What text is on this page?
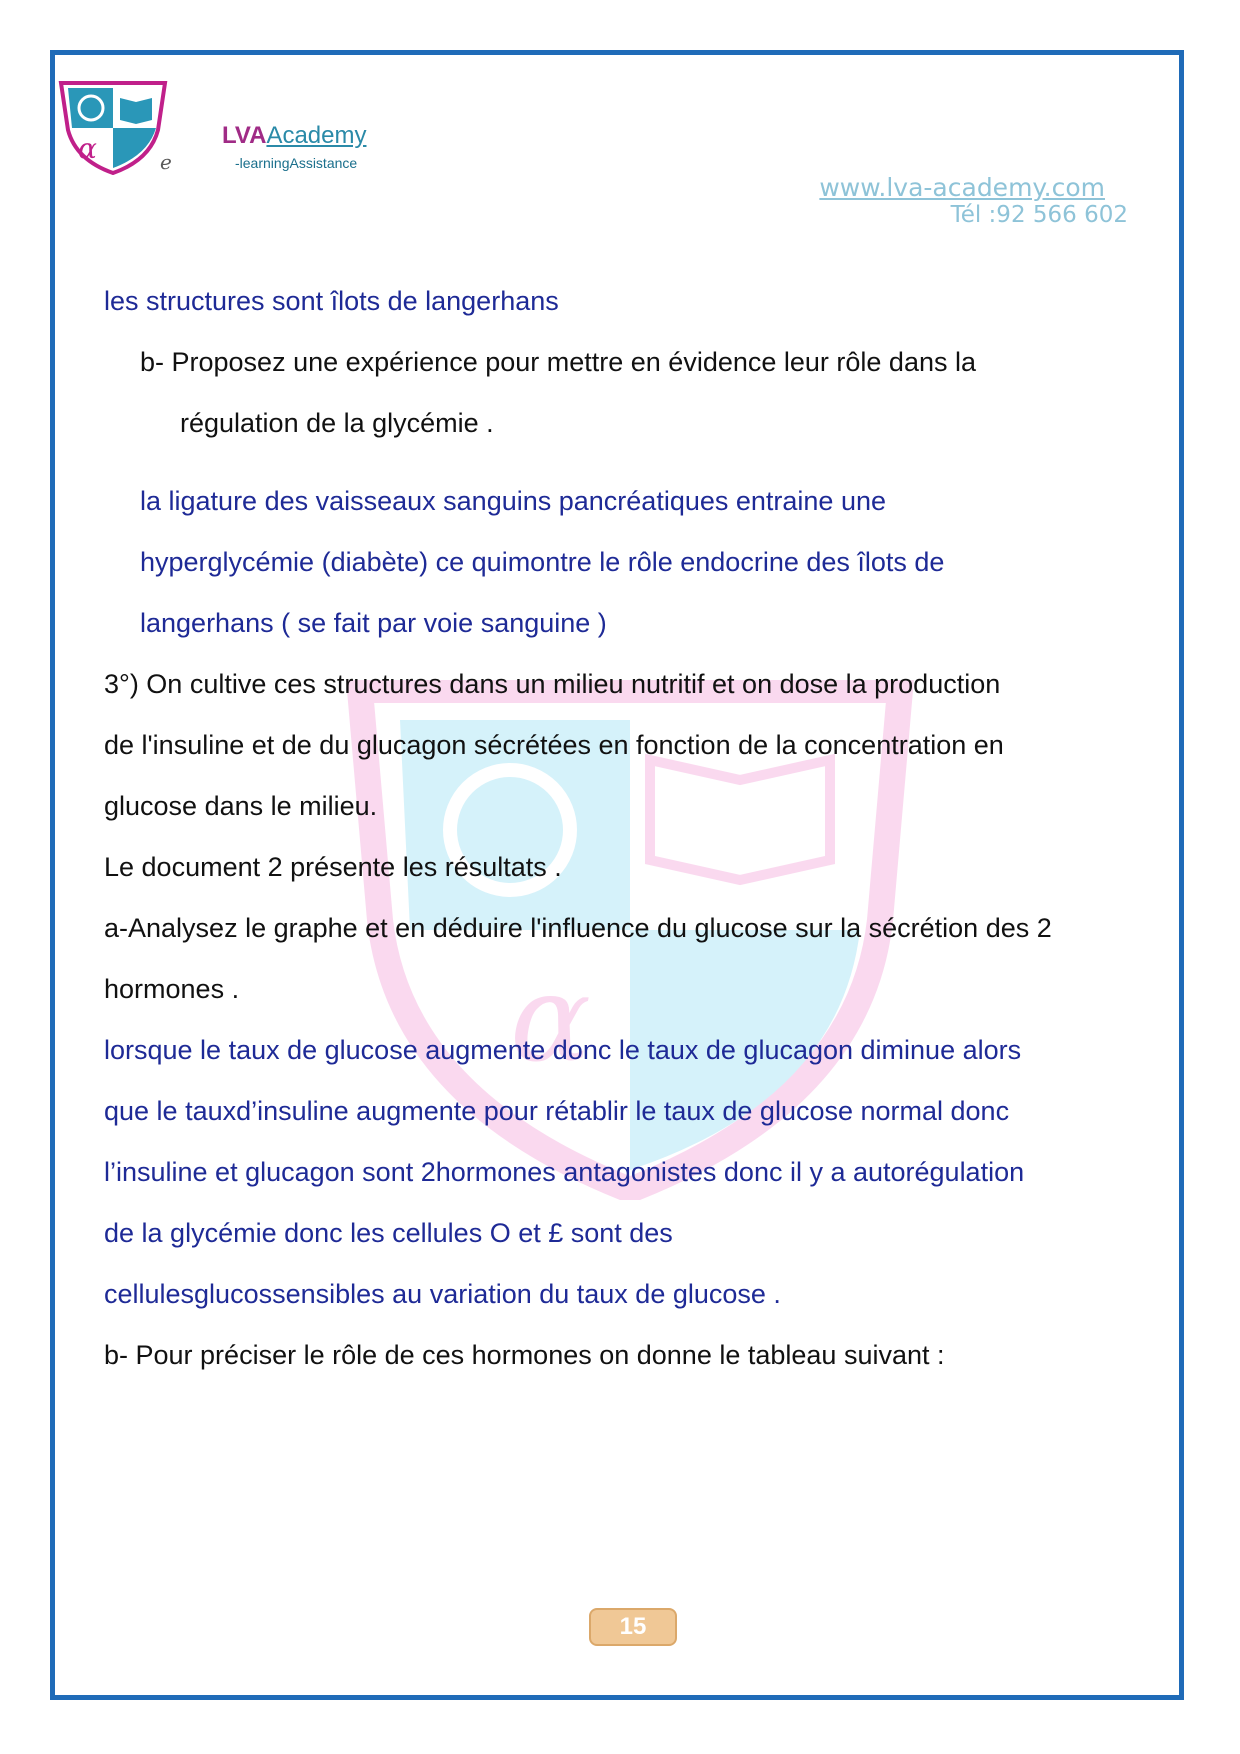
α
α	e
LVAAcademy
-learningAssistance
www.lva-academy.com
Tél :92 566 602
les structures sont îlots de langerhans
b- Proposez une expérience pour mettre en évidence leur rôle dans la
régulation de la glycémie .
la ligature des vaisseaux sanguins pancréatiques entraine une
hyperglycémie (diabète) ce quimontre le rôle endocrine des îlots de
langerhans ( se fait par voie sanguine )
3°) On cultive ces structures dans un milieu nutritif et on dose la production
de l'insuline et de du glucagon sécrétées en fonction de la concentration en
glucose dans le milieu.
Le document 2 présente les résultats .
a-Analysez le graphe et en déduire l'influence du glucose sur la sécrétion des 2
hormones .
lorsque le taux de glucose augmente donc le taux de glucagon diminue alors
que le tauxd’insuline augmente pour rétablir le taux de glucose normal donc
l’insuline et glucagon sont 2hormones antagonistes donc il y a autorégulation
de la glycémie donc les cellules O et £ sont des
cellulesglucossensibles au variation du taux de glucose .
b- Pour préciser le rôle de ces hormones on donne le tableau suivant :
15
